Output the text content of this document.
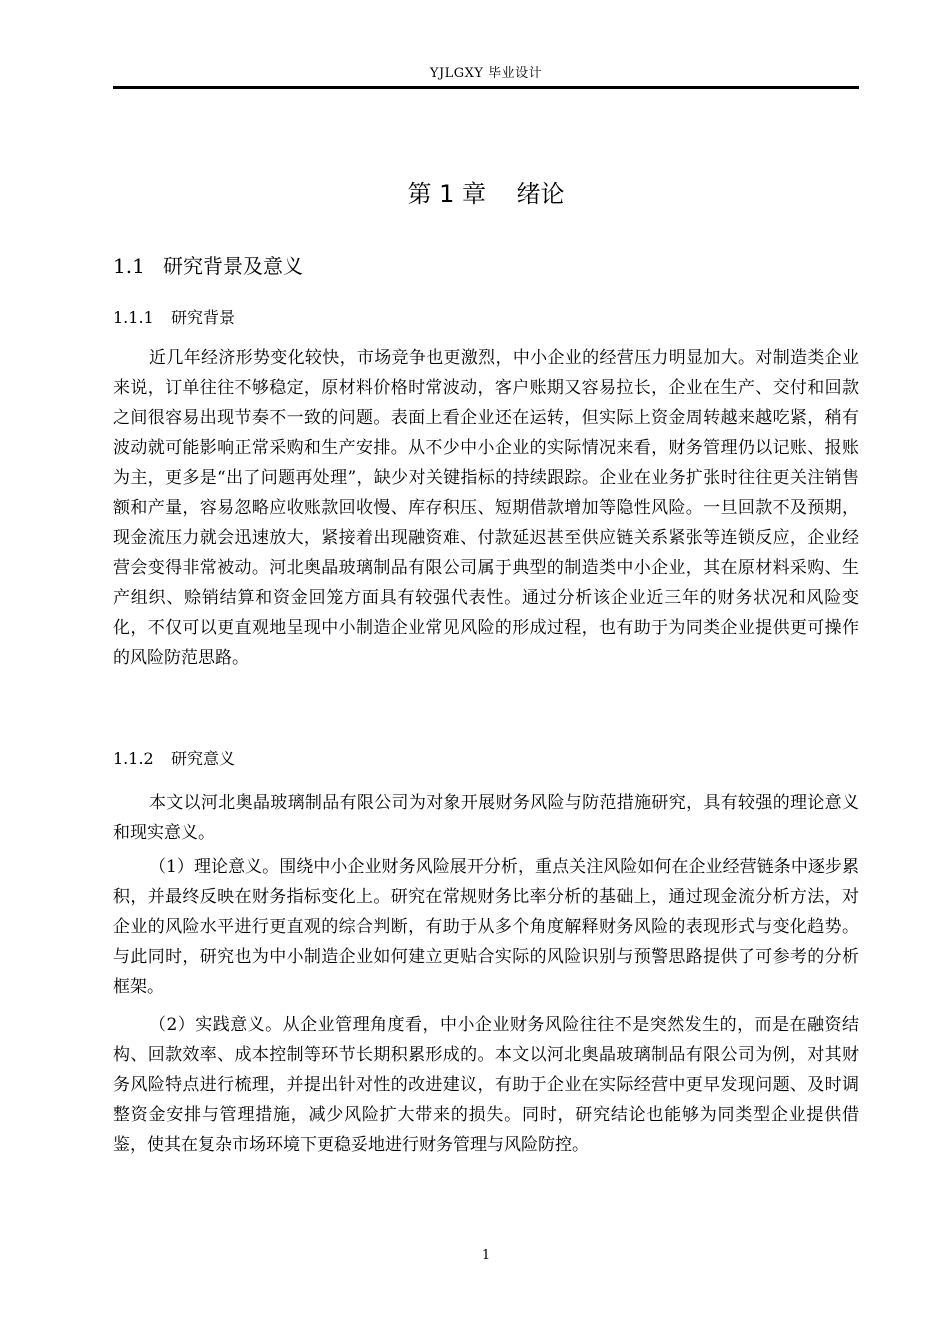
YJLGXY 毕业设计
第 1 章 绪论
1.1 研究背景及意义
1.1.1 研究背景

近几年经济形势变化较快，市场竞争也更激烈，中小企业的经营压力明显加大。对制造类企业来说，订单往往不够稳定，原材料价格时常波动，客户账期又容易拉长，企业在生产、交付和回款之间很容易出现节奏不一致的问题。表面上看企业还在运转，但实际上资金周转越来越吃紧，稍有波动就可能影响正常采购和生产安排。从不少中小企业的实际情况来看，财务管理仍以记账、报账为主，更多是“出了问题再处理”，缺少对关键指标的持续跟踪。企业在业务扩张时往往更关注销售额和产量，容易忽略应收账款回收慢、库存积压、短期借款增加等隐性风险。一旦回款不及预期，现金流压力就会迅速放大，紧接着出现融资难、付款延迟甚至供应链关系紧张等连锁反应，企业经营会变得非常被动。河北奥晶玻璃制品有限公司属于典型的制造类中小企业，其在原材料采购、生产组织、赊销结算和资金回笼方面具有较强代表性。通过分析该企业近三年的财务状况和风险变化，不仅可以更直观地呈现中小制造企业常见风险的形成过程，也有助于为同类企业提供更可操作的风险防范思路。

1.1.2 研究意义

本文以河北奥晶玻璃制品有限公司为对象开展财务风险与防范措施研究，具有较强的理论意义和现实意义。

（1）理论意义。围绕中小企业财务风险展开分析，重点关注风险如何在企业经营链条中逐步累积，并最终反映在财务指标变化上。研究在常规财务比率分析的基础上，通过现金流分析方法，对企业的风险水平进行更直观的综合判断，有助于从多个角度解释财务风险的表现形式与变化趋势。与此同时，研究也为中小制造企业如何建立更贴合实际的风险识别与预警思路提供了可参考的分析框架。

（2）实践意义。从企业管理角度看，中小企业财务风险往往不是突然发生的，而是在融资结构、回款效率、成本控制等环节长期积累形成的。本文以河北奥晶玻璃制品有限公司为例，对其财务风险特点进行梳理，并提出针对性的改进建议，有助于企业在实际经营中更早发现问题、及时调整资金安排与管理措施，减少风险扩大带来的损失。同时，研究结论也能够为同类型企业提供借鉴，使其在复杂市场环境下更稳妥地进行财务管理与风险防控。

1
